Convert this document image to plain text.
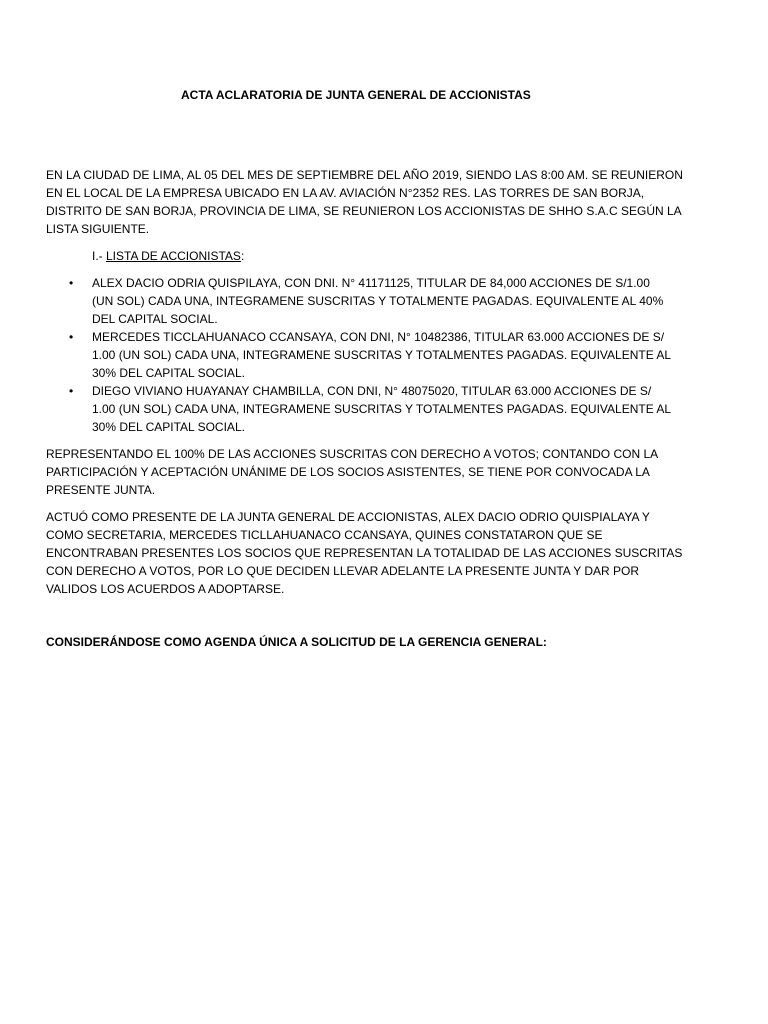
ACTA ACLARATORIA DE JUNTA GENERAL DE ACCIONISTAS
EN LA CIUDAD DE LIMA, AL 05 DEL MES DE SEPTIEMBRE DEL AÑO 2019, SIENDO LAS 8:00 AM. SE REUNIERON EN EL LOCAL DE LA EMPRESA UBICADO EN LA AV. AVIACIÓN N°2352 RES. LAS TORRES DE SAN BORJA, DISTRITO DE SAN BORJA, PROVINCIA DE LIMA, SE REUNIERON LOS ACCIONISTAS DE SHHO S.A.C SEGÚN LA LISTA SIGUIENTE.
I.- LISTA DE ACCIONISTAS:
• ALEX DACIO ODRIA QUISPILAYA, CON DNI. N° 41171125, TITULAR DE 84,000 ACCIONES DE S/1.00 (UN SOL) CADA UNA, INTEGRAMENE SUSCRITAS Y TOTALMENTE PAGADAS. EQUIVALENTE AL 40% DEL CAPITAL SOCIAL.
• MERCEDES TICCLAHUANACO CCANSAYA, CON DNI, N° 10482386, TITULAR 63.000 ACCIONES DE S/ 1.00 (UN SOL) CADA UNA, INTEGRAMENE SUSCRITAS Y TOTALMENTES PAGADAS. EQUIVALENTE AL 30% DEL CAPITAL SOCIAL.
• DIEGO VIVIANO HUAYANAY CHAMBILLA, CON DNI, N° 48075020, TITULAR 63.000 ACCIONES DE S/ 1.00 (UN SOL) CADA UNA, INTEGRAMENE SUSCRITAS Y TOTALMENTES PAGADAS. EQUIVALENTE AL 30% DEL CAPITAL SOCIAL.
REPRESENTANDO EL 100% DE LAS ACCIONES SUSCRITAS CON DERECHO A VOTOS; CONTANDO CON LA PARTICIPACIÓN Y ACEPTACIÓN UNÁNIME DE LOS SOCIOS ASISTENTES, SE TIENE POR CONVOCADA LA PRESENTE JUNTA.
ACTUÓ COMO PRESENTE DE LA JUNTA GENERAL DE ACCIONISTAS, ALEX DACIO ODRIO QUISPIALAYA Y COMO SECRETARIA, MERCEDES TICLLAHUANACO CCANSAYA, QUINES CONSTATARON QUE SE ENCONTRABAN PRESENTES LOS SOCIOS QUE REPRESENTAN LA TOTALIDAD DE LAS ACCIONES SUSCRITAS CON DERECHO A VOTOS, POR LO QUE DECIDEN LLEVAR ADELANTE LA PRESENTE JUNTA Y DAR POR VALIDOS LOS ACUERDOS A ADOPTARSE.
CONSIDERÁNDOSE COMO AGENDA ÚNICA A SOLICITUD DE LA GERENCIA GENERAL:
